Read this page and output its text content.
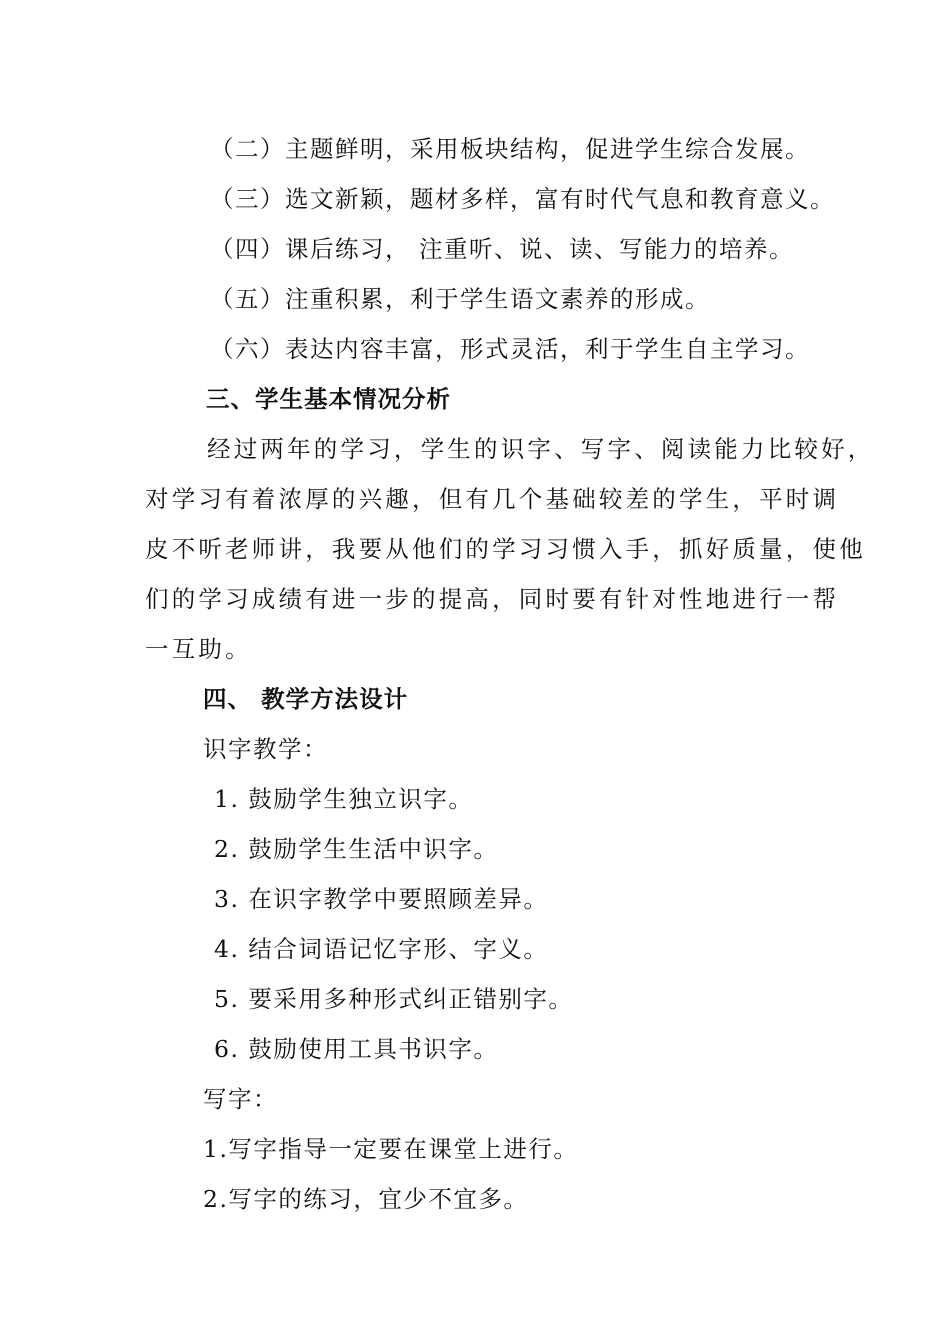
（二）主题鲜明，采用板块结构，促进学生综合发展。
（三）选文新颖，题材多样，富有时代气息和教育意义。
（四）课后练习， 注重听、说、读、写能力的培养。
（五）注重积累，利于学生语文素养的形成。
（六）表达内容丰富，形式灵活，利于学生自主学习。
三、学生基本情况分析
经过两年的学习，学生的识字、写字、阅读能力比较好，
对学习有着浓厚的兴趣，但有几个基础较差的学生，平时调
皮不听老师讲，我要从他们的学习习惯入手，抓好质量，使他
们的学习成绩有进一步的提高，同时要有针对性地进行一帮
一互助。
四、 教学方法设计
识字教学：
1. 鼓励学生独立识字。
2. 鼓励学生生活中识字。
3. 在识字教学中要照顾差异。
4. 结合词语记忆字形、字义。
5. 要采用多种形式纠正错别字。
6. 鼓励使用工具书识字。
写字：
1.写字指导一定要在课堂上进行。
2.写字的练习，宜少不宜多。
